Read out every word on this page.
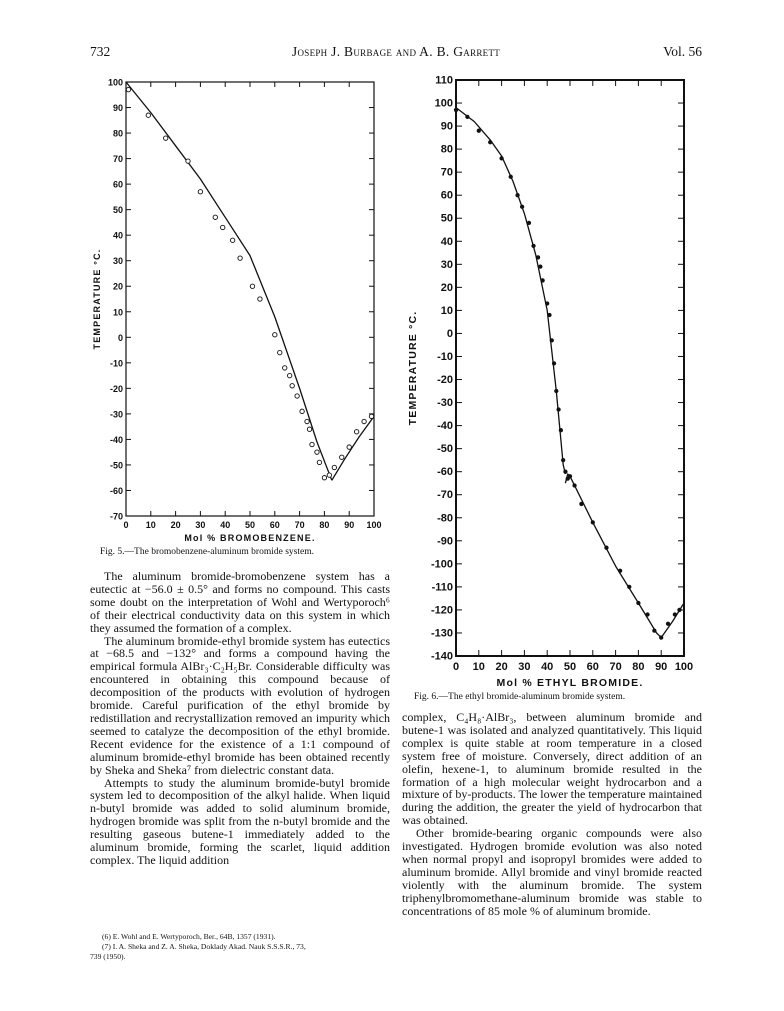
732	Joseph J. Burbage and A. B. Garrett	Vol. 56
100
90
80
70
60
50
40
30
20
10
0
-10
-20
-30
-40
-50
-60
-70
0 10 20 30 40 50 60 70 80 90 100
Mol % BROMOBENZENE.
TEMPERATURE °C.
Fig. 5.—The bromobenzene-aluminum bromide system.
110
100
90
80
70
60
50
40
30
20
10
0
-10
-20
-30
-40
-50
-60
-70
-80
-90
-100
-110
-120
-130
-140
0 10 20 30 40 50 60 70 80 90 100
Mol % ETHYL BROMIDE.
TEMPERATURE °C.
Fig. 6.—The ethyl bromide-aluminum bromide system.

The aluminum bromide-bromobenzene system has a eutectic at −56.0 ± 0.5° and forms no compound. This casts some doubt on the interpretation of Wohl and Wertyporoch⁶ of their electrical conductivity data on this system in which they assumed the formation of a complex.

The aluminum bromide-ethyl bromide system has eutectics at −68.5 and −132° and forms a compound having the empirical formula AlBr₃·C₂H₅Br. Considerable difficulty was encountered in obtaining this compound because of decomposition of the products with evolution of hydrogen bromide. Careful purification of the ethyl bromide by redistillation and recrystallization removed an impurity which seemed to catalyze the decomposition of the ethyl bromide. Recent evidence for the existence of a 1:1 compound of aluminum bromide-ethyl bromide has been obtained recently by Sheka and Sheka⁷ from dielectric constant data.

Attempts to study the aluminum bromide-butyl bromide system led to decomposition of the alkyl halide. When liquid n-butyl bromide was added to solid aluminum bromide, hydrogen bromide was split from the n-butyl bromide and the resulting gaseous butene-1 immediately added to the aluminum bromide, forming the scarlet, liquid addition complex. The liquid addition

(6) E. Wohl and E. Wertyporoch, Ber., 64B, 1357 (1931).
(7) I. A. Sheka and Z. A. Sheka, Doklady Akad. Nauk S.S.S.R., 73,
739 (1950).

complex, C₄H₈·AlBr₃, between aluminum bromide and butene-1 was isolated and analyzed quantitatively. This liquid complex is quite stable at room temperature in a closed system free of moisture. Conversely, direct addition of an olefin, hexene-1, to aluminum bromide resulted in the formation of a high molecular weight hydrocarbon and a mixture of by-products. The lower the temperature maintained during the addition, the greater the yield of hydrocarbon that was obtained.

Other bromide-bearing organic compounds were also investigated. Hydrogen bromide evolution was also noted when normal propyl and isopropyl bromides were added to aluminum bromide. Allyl bromide and vinyl bromide reacted violently with the aluminum bromide. The system triphenylbromomethane-aluminum bromide was stable to concentrations of 85 mole % of aluminum bromide.
